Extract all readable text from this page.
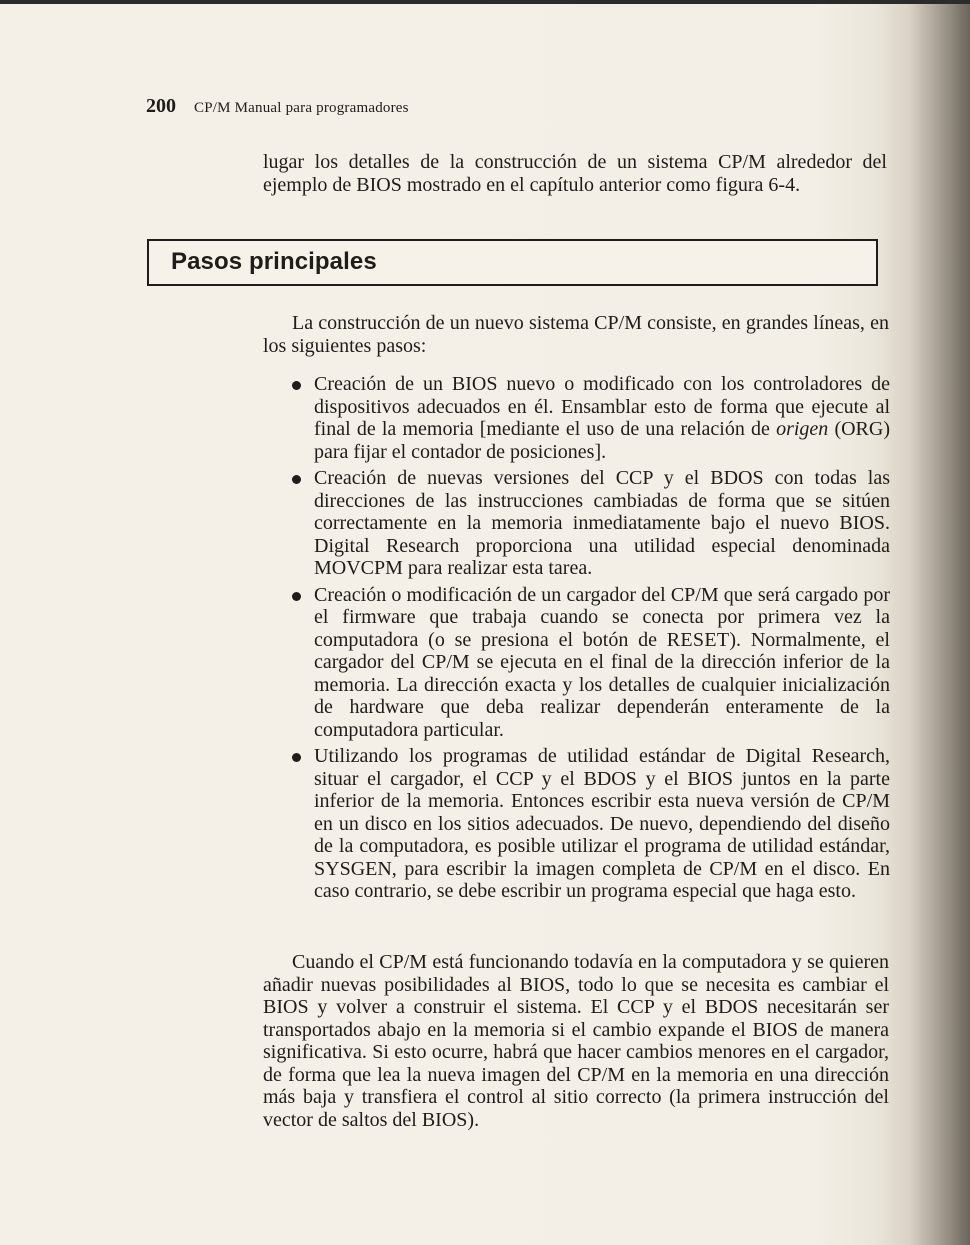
200 CP/M Manual para programadores
lugar los detalles de la construcción de un sistema CP/M alrededor del ejemplo de BIOS mostrado en el capítulo anterior como figura 6-4.
Pasos principales
La construcción de un nuevo sistema CP/M consiste, en grandes líneas, en los siguientes pasos:
Creación de un BIOS nuevo o modificado con los controladores de dispositivos adecuados en él. Ensamblar esto de forma que ejecute al final de la memoria [mediante el uso de una relación de origen (ORG) para fijar el contador de posiciones].
Creación de nuevas versiones del CCP y el BDOS con todas las direcciones de las instrucciones cambiadas de forma que se sitúen correctamente en la memoria inmediatamente bajo el nuevo BIOS. Digital Research proporciona una utilidad especial denominada MOVCPM para realizar esta tarea.
Creación o modificación de un cargador del CP/M que será cargado por el firmware que trabaja cuando se conecta por primera vez la computadora (o se presiona el botón de RESET). Normalmente, el cargador del CP/M se ejecuta en el final de la dirección inferior de la memoria. La dirección exacta y los detalles de cualquier inicialización de hardware que deba realizar dependerán enteramente de la computadora particular.
Utilizando los programas de utilidad estándar de Digital Research, situar el cargador, el CCP y el BDOS y el BIOS juntos en la parte inferior de la memoria. Entonces escribir esta nueva versión de CP/M en un disco en los sitios adecuados. De nuevo, dependiendo del diseño de la computadora, es posible utilizar el programa de utilidad estándar, SYSGEN, para escribir la imagen completa de CP/M en el disco. En caso contrario, se debe escribir un programa especial que haga esto.
Cuando el CP/M está funcionando todavía en la computadora y se quieren añadir nuevas posibilidades al BIOS, todo lo que se necesita es cambiar el BIOS y volver a construir el sistema. El CCP y el BDOS necesitarán ser transportados abajo en la memoria si el cambio expande el BIOS de manera significativa. Si esto ocurre, habrá que hacer cambios menores en el cargador, de forma que lea la nueva imagen del CP/M en la memoria en una dirección más baja y transfiera el control al sitio correcto (la primera instrucción del vector de saltos del BIOS).
